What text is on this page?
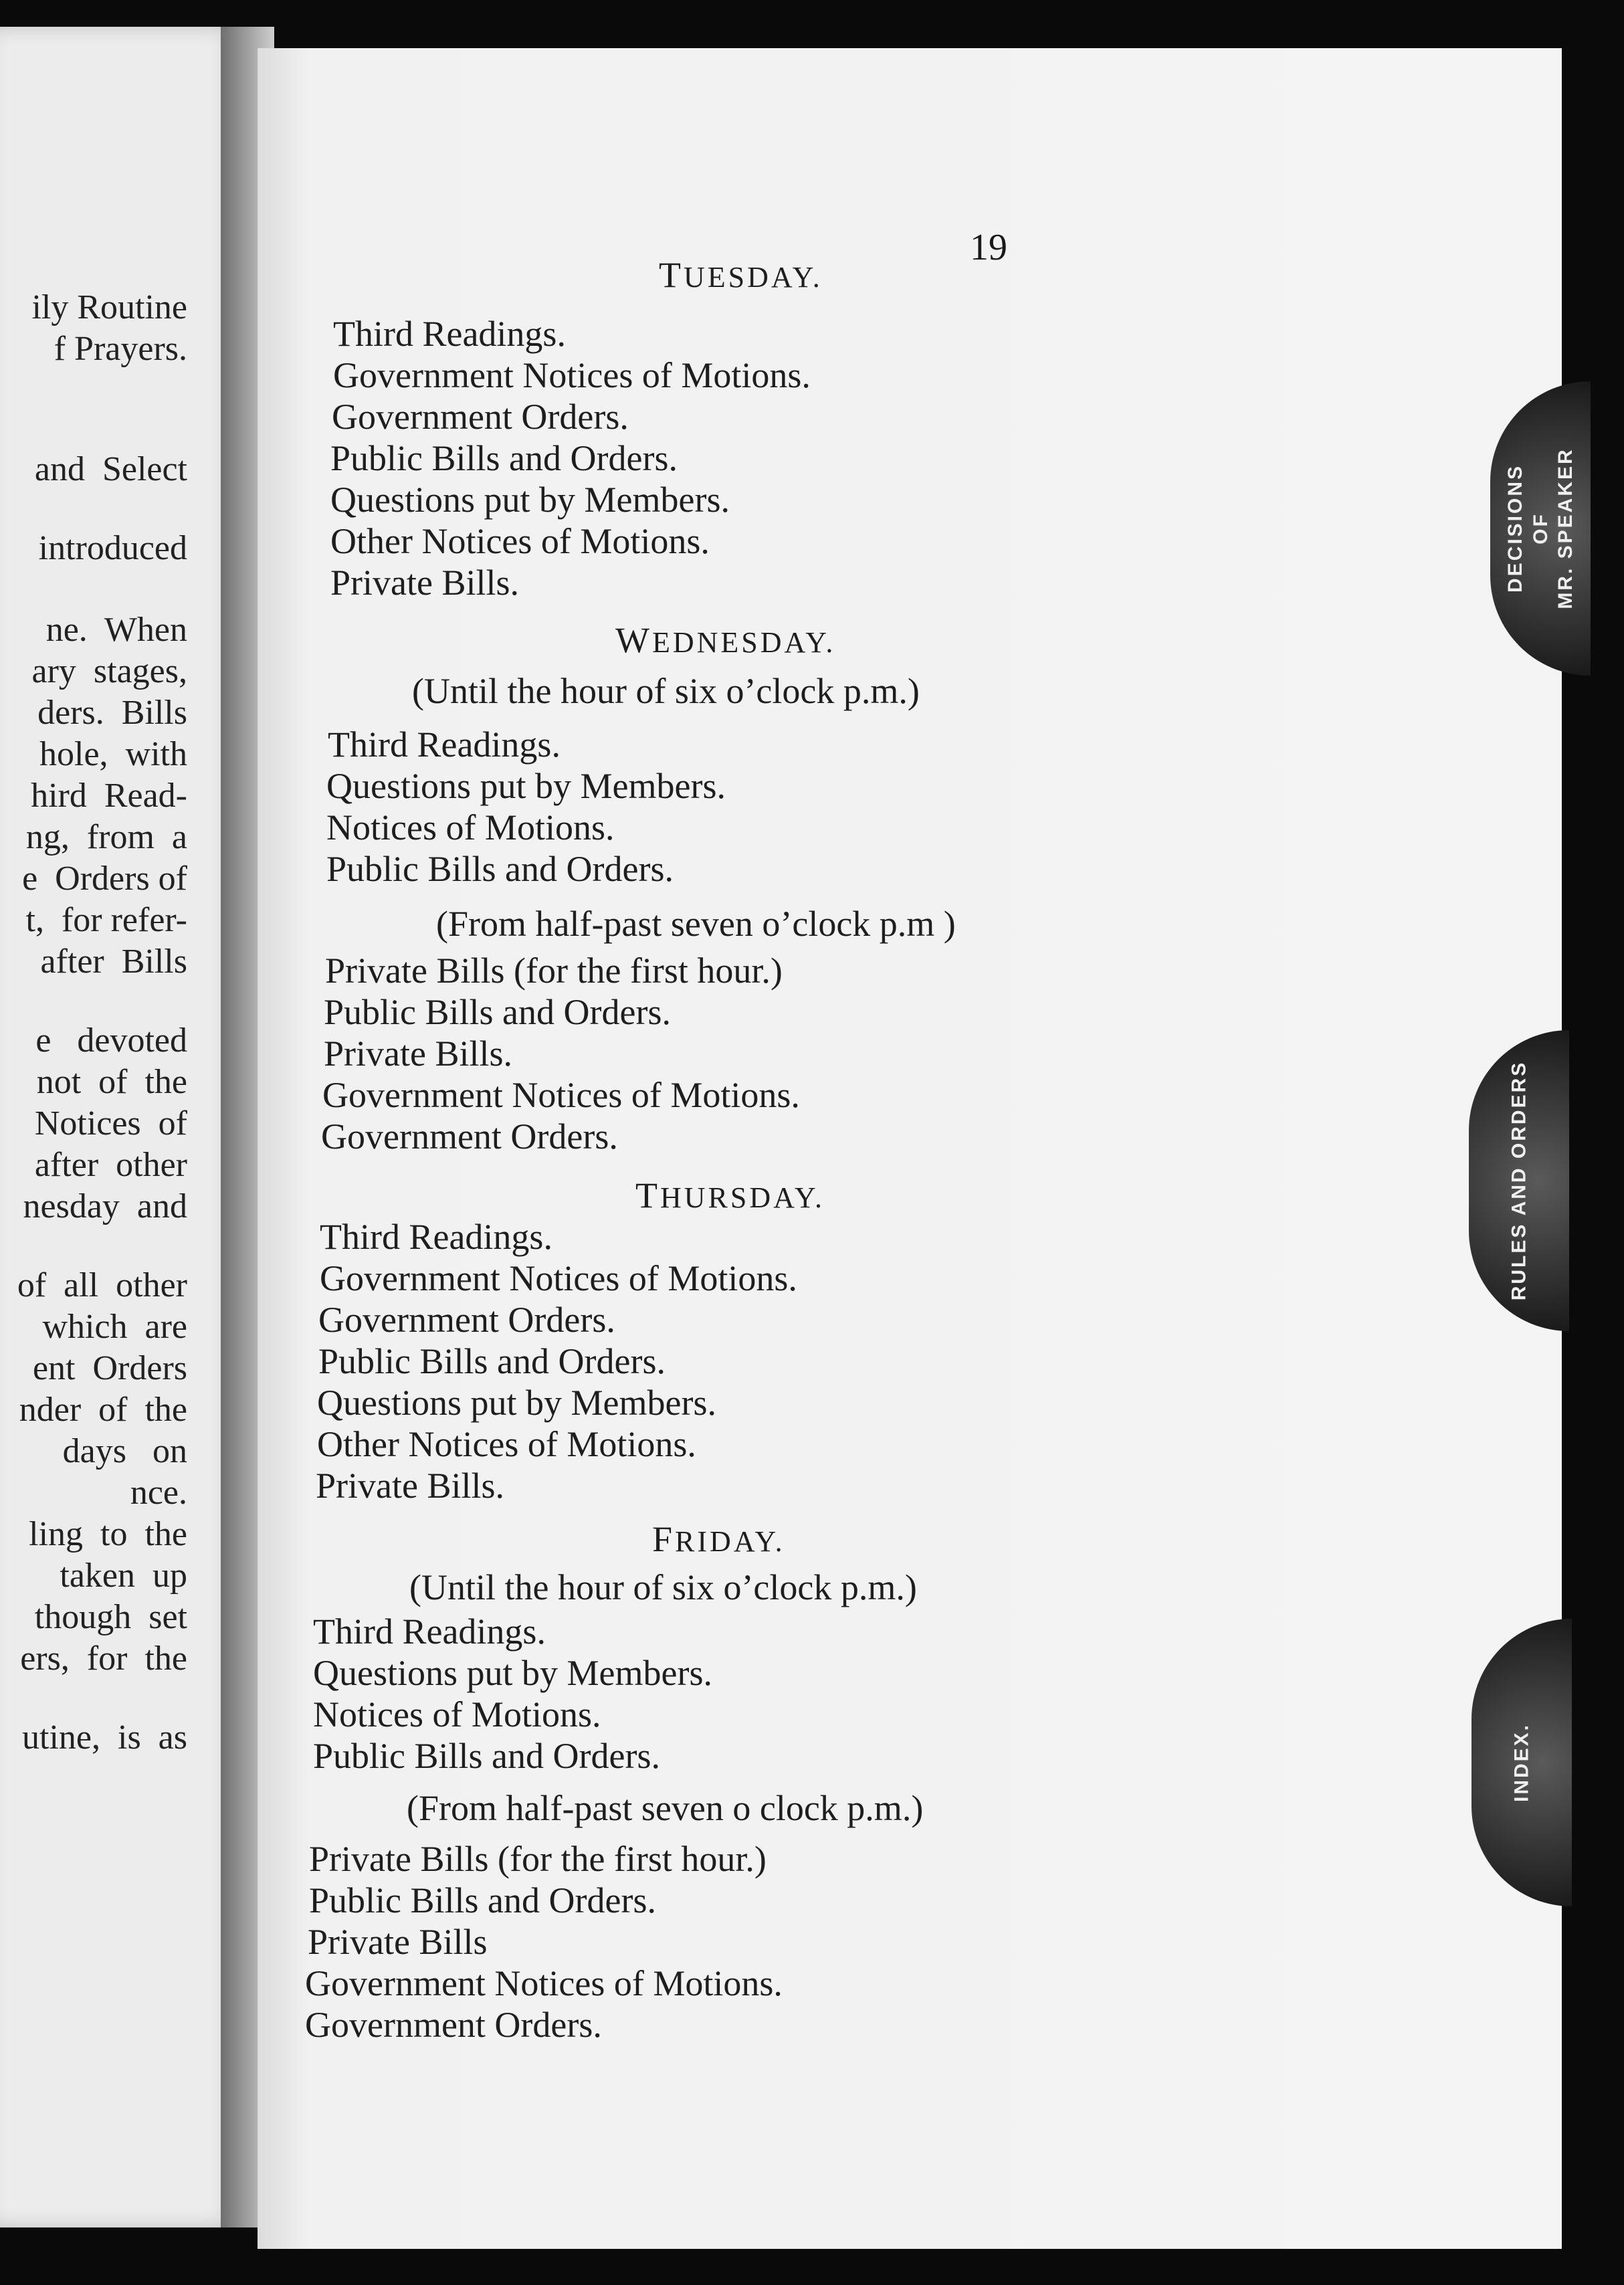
ily Routine
f Prayers.
and  Select
introduced
ne.  When
ary  stages,
ders.  Bills
hole,  with
hird  Read-
ng,  from  a
e  Orders of
t,  for refer-
after  Bills
e   devoted
not  of  the
Notices  of
after  other
nesday  and
of  all  other
which  are
ent  Orders
nder  of  the
days   on
nce.
ling  to  the
taken  up
though  set
ers,  for  the
utine,  is  as
19
TUESDAY.
Third Readings.
Government Notices of Motions.
Government Orders.
Public Bills and Orders.
Questions put by Members.
Other Notices of Motions.
Private Bills.
WEDNESDAY.
(Until the hour of six o’clock p.m.)
Third Readings.
Questions put by Members.
Notices of Motions.
Public Bills and Orders.
(From half-past seven o’clock p.m )
Private Bills (for the first hour.)
Public Bills and Orders.
Private Bills.
Government Notices of Motions.
Government Orders.
THURSDAY.
Third Readings.
Government Notices of Motions.
Government Orders.
Public Bills and Orders.
Questions put by Members.
Other Notices of Motions.
Private Bills.
FRIDAY.
(Until the hour of six o’clock p.m.)
Third Readings.
Questions put by Members.
Notices of Motions.
Public Bills and Orders.
(From half-past seven o clock p.m.)
Private Bills (for the first hour.)
Public Bills and Orders.
Private Bills
Government Notices of Motions.
Government Orders.
DECISIONS OF MR. SPEAKER
RULES AND ORDERS
INDEX.
